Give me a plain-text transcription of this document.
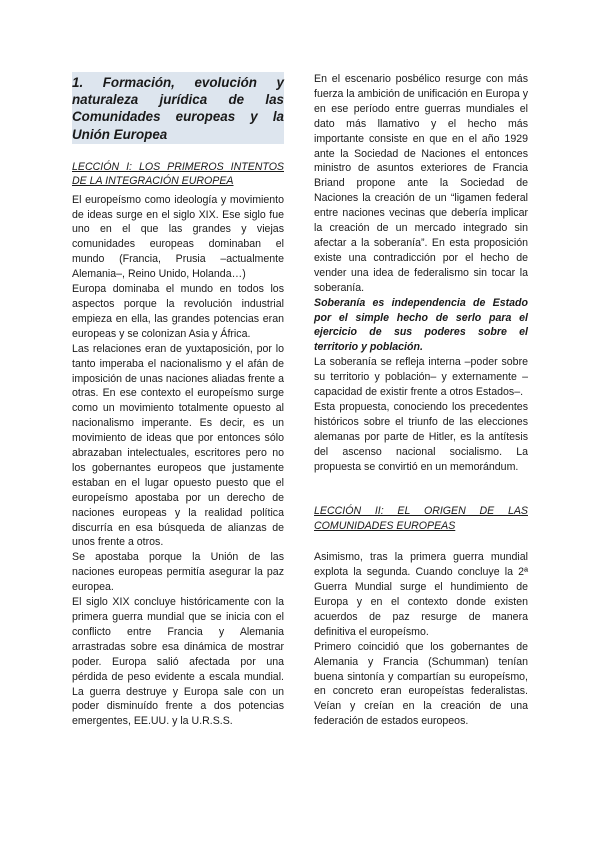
1. Formación, evolución y naturaleza jurídica de las Comunidades europeas y la Unión Europea

LECCIÓN I: LOS PRIMEROS INTENTOS DE LA INTEGRACIÓN EUROPEA

El europeísmo como ideología y movimiento de ideas surge en el siglo XIX. Ese siglo fue uno en el que las grandes y viejas comunidades europeas dominaban el mundo (Francia, Prusia –actualmente Alemania–, Reino Unido, Holanda…)

Europa dominaba el mundo en todos los aspectos porque la revolución industrial empieza en ella, las grandes potencias eran europeas y se colonizan Asia y África.

Las relaciones eran de yuxtaposición, por lo tanto imperaba el nacionalismo y el afán de imposición de unas naciones aliadas frente a otras. En ese contexto el europeísmo surge como un movimiento totalmente opuesto al nacionalismo imperante. Es decir, es un movimiento de ideas que por entonces sólo abrazaban intelectuales, escritores pero no los gobernantes europeos que justamente estaban en el lugar opuesto puesto que el europeísmo apostaba por un derecho de naciones europeas y la realidad política discurría en esa búsqueda de alianzas de unos frente a otros.

Se apostaba porque la Unión de las naciones europeas permitía asegurar la paz europea.

El siglo XIX concluye históricamente con la primera guerra mundial que se inicia con el conflicto entre Francia y Alemania arrastradas sobre esa dinámica de mostrar poder. Europa salió afectada por una pérdida de peso evidente a escala mundial. La guerra destruye y Europa sale con un poder disminuído frente a dos potencias emergentes, EE.UU. y la U.R.S.S.

En el escenario posbélico resurge con más fuerza la ambición de unificación en Europa y en ese período entre guerras mundiales el dato más llamativo y el hecho más importante consiste en que en el año 1929 ante la Sociedad de Naciones el entonces ministro de asuntos exteriores de Francia Briand propone ante la Sociedad de Naciones la creación de un “ligamen federal entre naciones vecinas que debería implicar la creación de un mercado integrado sin afectar a la soberanía”. En esta proposición existe una contradicción por el hecho de vender una idea de federalismo sin tocar la soberanía.

Soberanía es independencia de Estado por el simple hecho de serlo para el ejercicio de sus poderes sobre el territorio y población.

La soberanía se refleja interna –poder sobre su territorio y población– y externamente –capacidad de existir frente a otros Estados–.

Esta propuesta, conociendo los precedentes históricos sobre el triunfo de las elecciones alemanas por parte de Hitler, es la antítesis del ascenso nacional socialismo. La propuesta se convirtió en un memorándum.

LECCIÓN II: EL ORIGEN DE LAS COMUNIDADES EUROPEAS

Asimismo, tras la primera guerra mundial explota la segunda. Cuando concluye la 2ª Guerra Mundial surge el hundimiento de Europa y en el contexto donde existen acuerdos de paz resurge de manera definitiva el europeísmo.

Primero coincidió que los gobernantes de Alemania y Francia (Schumman) tenían buena sintonía y compartían su europeísmo, en concreto eran europeístas federalistas. Veían y creían en la creación de una federación de estados europeos.
